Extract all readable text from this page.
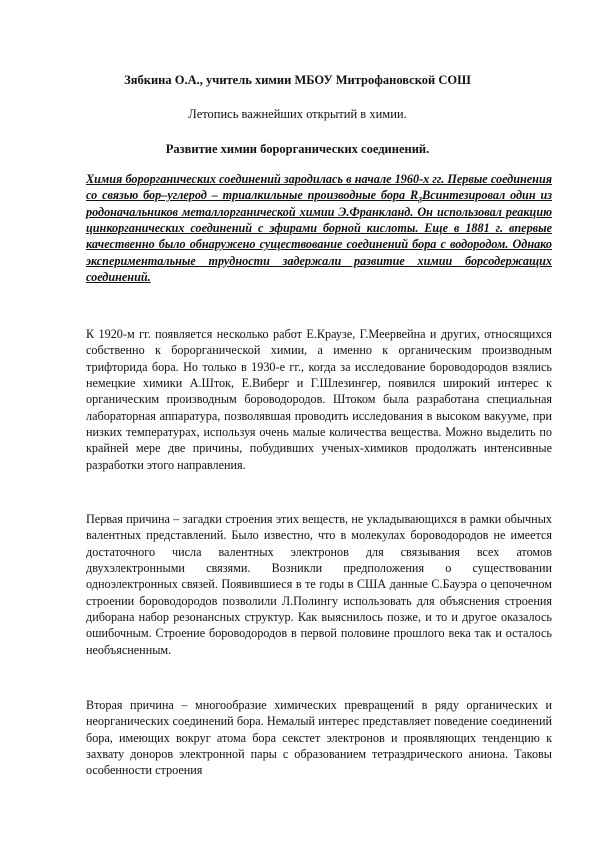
Зябкина О.А., учитель химии МБОУ Митрофановской СОШ
Летопись важнейших открытий в химии.
Развитие химии борорганических соединений.

Химия борорганических соединений зародилась в начале 1960-х гг. Первые соединения со связью бор–углерод – триалкильные производные бора $R_3Bсинтезировал$ один из родоначальников металлорганической химии Э.Франкланд. Он использовал реакцию цинкорганических соединений с эфирами борной кислоты. Еще в 1881 г. впервые качественно было обнаружено существование соединений бора с водородом. Однако экспериментальные трудности задержали развитие химии борсодержащих соединений.

К 1920-м гг. появляется несколько работ Е.Краузе, Г.Меервейна и других, относящихся собственно к борорганической химии, а именно к органическим производным трифторида бора. Но только в 1930-е гг., когда за исследование бороводородов взялись немецкие химики А.Шток, Е.Виберг и Г.Шлезингер, появился широкий интерес к органическим производным бороводородов. Штоком была разработана специальная лабораторная аппаратура, позволявшая проводить исследования в высоком вакууме, при низких температурах, используя очень малые количества вещества. Можно выделить по крайней мере две причины, побудивших ученых-химиков продолжать интенсивные разработки этого направления.

Первая причина – загадки строения этих веществ, не укладывающихся в рамки обычных валентных представлений. Было известно, что в молекулах бороводородов не имеется достаточного числа валентных электронов для связывания всех атомов двухэлектронными связями. Возникли предположения о существовании одноэлектронных связей. Появившиеся в те годы в США данные С.Бауэра о цепочечном строении бороводородов позволили Л.Полингу использовать для объяснения строения диборана набор резонансных структур. Как выяснилось позже, и то и другое оказалось ошибочным. Строение бороводородов в первой половине прошлого века так и осталось необъясненным.

Вторая причина – многообразие химических превращений в ряду органических и неорганических соединений бора. Немалый интерес представляет поведение соединений бора, имеющих вокруг атома бора секстет электронов и проявляющих тенденцию к захвату доноров электронной пары с образованием тетраэдрического аниона. Таковы особенности строения
